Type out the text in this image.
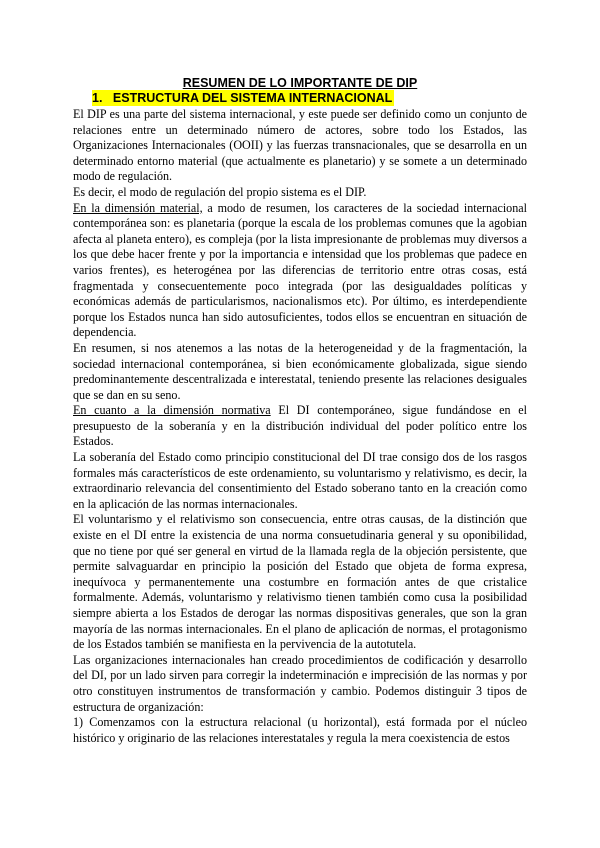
RESUMEN DE LO IMPORTANTE DE DIP
1. ESTRUCTURA DEL SISTEMA INTERNACIONAL

El DIP es una parte del sistema internacional, y este puede ser definido como un conjunto de relaciones entre un determinado número de actores, sobre todo los Estados, las Organizaciones Internacionales (OOII) y las fuerzas transnacionales, que se desarrolla en un determinado entorno material (que actualmente es planetario) y se somete a un determinado modo de regulación.

Es decir, el modo de regulación del propio sistema es el DIP.

En la dimensión material, a modo de resumen, los caracteres de la sociedad internacional contemporánea son: es planetaria (porque la escala de los problemas comunes que la agobian afecta al planeta entero), es compleja (por la lista impresionante de problemas muy diversos a los que debe hacer frente y por la importancia e intensidad que los problemas que padece en varios frentes), es heterogénea por las diferencias de territorio entre otras cosas, está fragmentada y consecuentemente poco integrada (por las desigualdades políticas y económicas además de particularismos, nacionalismos etc). Por último, es interdependiente porque los Estados nunca han sido autosuficientes, todos ellos se encuentran en situación de dependencia.

En resumen, si nos atenemos a las notas de la heterogeneidad y de la fragmentación, la sociedad internacional contemporánea, si bien económicamente globalizada, sigue siendo predominantemente descentralizada e interestatal, teniendo presente las relaciones desiguales que se dan en su seno.

En cuanto a la dimensión normativa El DI contemporáneo, sigue fundándose en el presupuesto de la soberanía y en la distribución individual del poder político entre los Estados.

La soberanía del Estado como principio constitucional del DI trae consigo dos de los rasgos formales más característicos de este ordenamiento, su voluntarismo y relativismo, es decir, la extraordinario relevancia del consentimiento del Estado soberano tanto en la creación como en la aplicación de las normas internacionales.

El voluntarismo y el relativismo son consecuencia, entre otras causas, de la distinción que existe en el DI entre la existencia de una norma consuetudinaria general y su oponibilidad, que no tiene por qué ser general en virtud de la llamada regla de la objeción persistente, que permite salvaguardar en principio la posición del Estado que objeta de forma expresa, inequívoca y permanentemente una costumbre en formación antes de que cristalice formalmente. Además, voluntarismo y relativismo tienen también como cusa la posibilidad siempre abierta a los Estados de derogar las normas dispositivas generales, que son la gran mayoría de las normas internacionales. En el plano de aplicación de normas, el protagonismo de los Estados también se manifiesta en la pervivencia de la autotutela.

Las organizaciones internacionales han creado procedimientos de codificación y desarrollo del DI, por un lado sirven para corregir la indeterminación e imprecisión de las normas y por otro constituyen instrumentos de transformación y cambio. Podemos distinguir 3 tipos de estructura de organización:

1) Comenzamos con la estructura relacional (u horizontal), está formada por el núcleo histórico y originario de las relaciones interestatales y regula la mera coexistencia de estos
